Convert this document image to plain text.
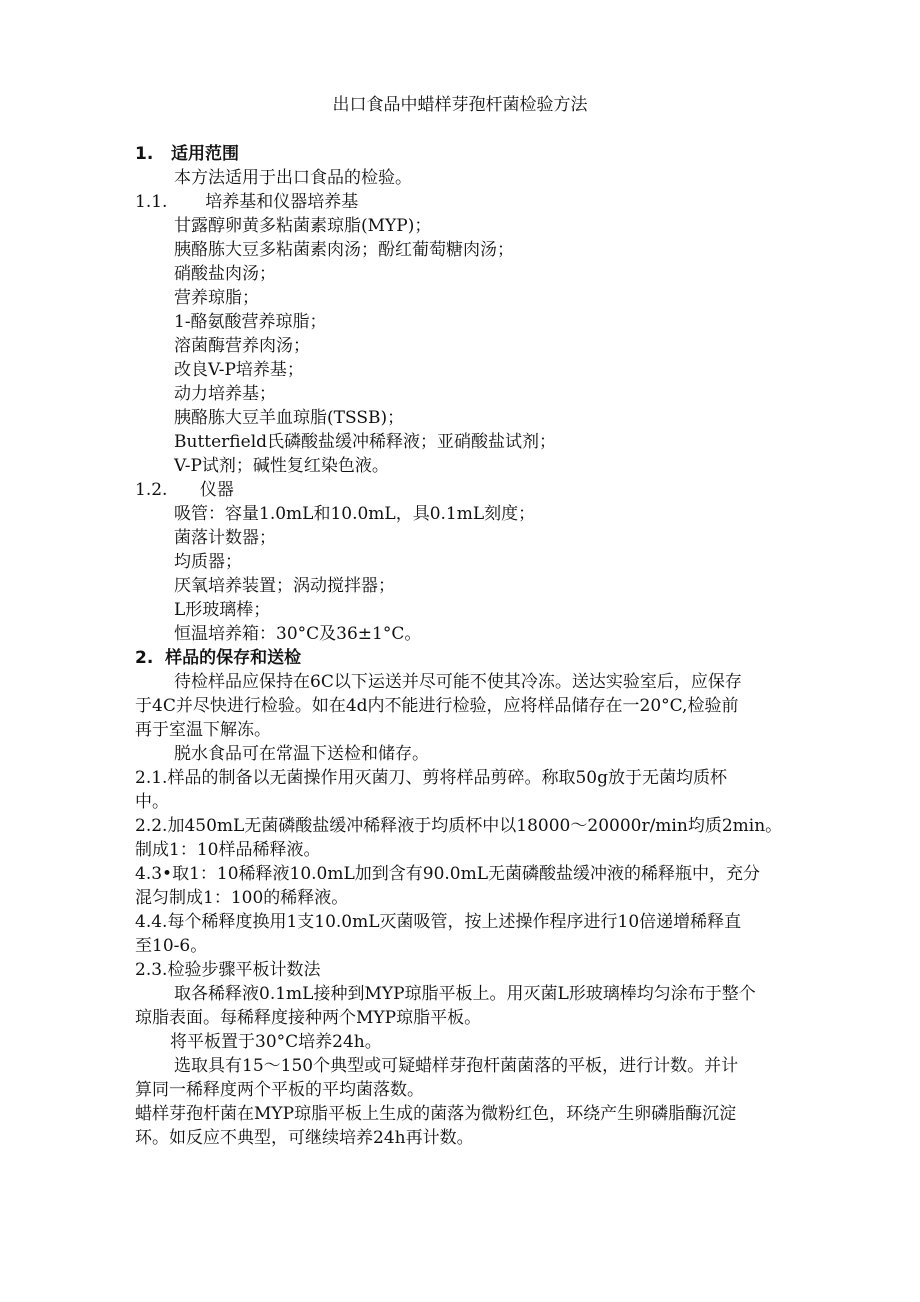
出口食品中蜡样芽孢杆菌检验方法
1.   适用范围
本方法适用于出口食品的检验。
1.1.       培养基和仪器培养基
甘露醇卵黄多粘菌素琼脂(MYP)；
胰酪胨大豆多粘菌素肉汤；酚红葡萄糖肉汤；
硝酸盐肉汤；
营养琼脂；
1-酪氨酸营养琼脂；
溶菌酶营养肉汤；
改良V-P培养基；
动力培养基；
胰酪胨大豆羊血琼脂(TSSB)；
Butterfield氏磷酸盐缓冲稀释液；亚硝酸盐试剂；
V-P试剂；碱性复红染色液。
1.2.      仪器
吸管：容量1.0mL和10.0mL，具0.1mL刻度；
菌落计数器；
均质器；
厌氧培养装置；涡动搅拌器；
L形玻璃棒；
恒温培养箱：30°C及36±1°C。
2.  样品的保存和送检
待检样品应保持在6C以下运送并尽可能不使其冷冻。送达实验室后，应保存
于4C并尽快进行检验。如在4d内不能进行检验，应将样品储存在一20°C,检验前
再于室温下解冻。
脱水食品可在常温下送检和储存。
2.1.样品的制备以无菌操作用灭菌刀、剪将样品剪碎。称取50g放于无菌均质杯
中。
2.2.加450mL无菌磷酸盐缓冲稀释液于均质杯中以18000〜20000r/min均质2min。
制成1：10样品稀释液。
4.3•取1：10稀释液10.0mL加到含有90.0mL无菌磷酸盐缓冲液的稀释瓶中，充分
混匀制成1：100的稀释液。
4.4.每个稀释度换用1支10.0mL灭菌吸管，按上述操作程序进行10倍递增稀释直
至10-6。
2.3.检验步骤平板计数法
取各稀释液0.1mL接种到MYP琼脂平板上。用灭菌L形玻璃棒均匀涂布于整个
琼脂表面。每稀释度接种两个MYP琼脂平板。
将平板置于30°C培养24h。
选取具有15〜150个典型或可疑蜡样芽孢杆菌菌落的平板，进行计数。并计
算同一稀释度两个平板的平均菌落数。
蜡样芽孢杆菌在MYP琼脂平板上生成的菌落为微粉红色，环绕产生卵磷脂酶沉淀
环。如反应不典型，可继续培养24h再计数。
